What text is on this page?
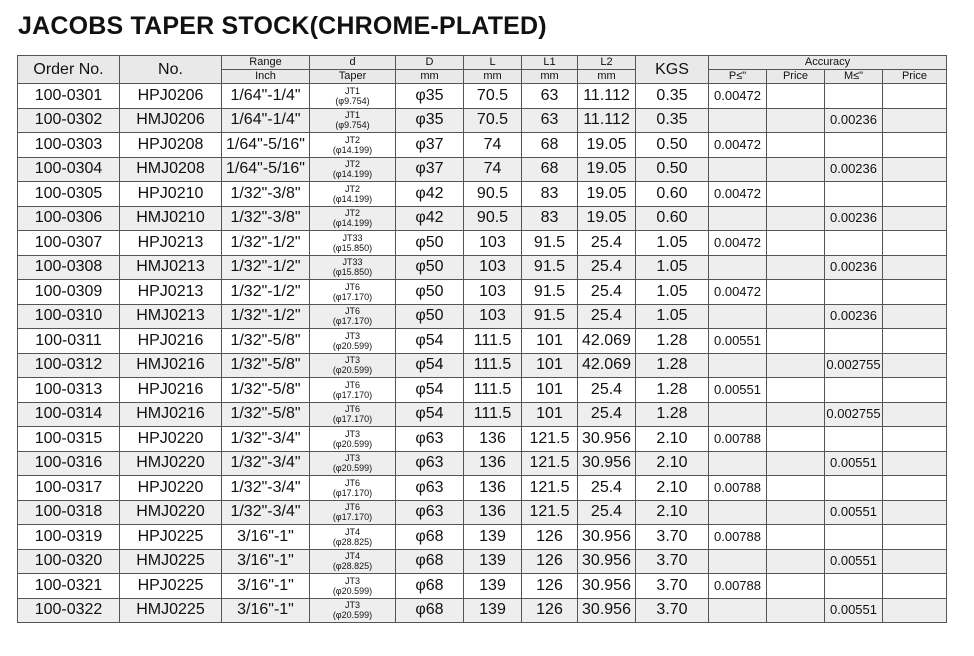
JACOBS TAPER STOCK(CHROME-PLATED)
Order No.	No.	Range	d	D	L	L1	L2	KGS	Accuracy			
		Inch	Taper	mm	mm	mm	mm		P≤"	Price	M≤"	Price
100-0301	HPJ0206	1/64"-1/4"	JT1
(φ9.754)	φ35	70.5	63	11.112	0.35	0.00472			
100-0302	HMJ0206	1/64"-1/4"	JT1
(φ9.754)	φ35	70.5	63	11.112	0.35			0.00236	
100-0303	HPJ0208	1/64"-5/16"	JT2
(φ14.199)	φ37	74	68	19.05	0.50	0.00472			
100-0304	HMJ0208	1/64"-5/16"	JT2
(φ14.199)	φ37	74	68	19.05	0.50			0.00236	
100-0305	HPJ0210	1/32"-3/8"	JT2
(φ14.199)	φ42	90.5	83	19.05	0.60	0.00472			
100-0306	HMJ0210	1/32"-3/8"	JT2
(φ14.199)	φ42	90.5	83	19.05	0.60			0.00236	
100-0307	HPJ0213	1/32"-1/2"	JT33
(φ15.850)	φ50	103	91.5	25.4	1.05	0.00472			
100-0308	HMJ0213	1/32"-1/2"	JT33
(φ15.850)	φ50	103	91.5	25.4	1.05			0.00236	
100-0309	HPJ0213	1/32"-1/2"	JT6
(φ17.170)	φ50	103	91.5	25.4	1.05	0.00472			
100-0310	HMJ0213	1/32"-1/2"	JT6
(φ17.170)	φ50	103	91.5	25.4	1.05			0.00236	
100-0311	HPJ0216	1/32"-5/8"	JT3
(φ20.599)	φ54	111.5	101	42.069	1.28	0.00551			
100-0312	HMJ0216	1/32"-5/8"	JT3
(φ20.599)	φ54	111.5	101	42.069	1.28			0.002755	
100-0313	HPJ0216	1/32"-5/8"	JT6
(φ17.170)	φ54	111.5	101	25.4	1.28	0.00551			
100-0314	HMJ0216	1/32"-5/8"	JT6
(φ17.170)	φ54	111.5	101	25.4	1.28			0.002755	
100-0315	HPJ0220	1/32"-3/4"	JT3
(φ20.599)	φ63	136	121.5	30.956	2.10	0.00788			
100-0316	HMJ0220	1/32"-3/4"	JT3
(φ20.599)	φ63	136	121.5	30.956	2.10			0.00551	
100-0317	HPJ0220	1/32"-3/4"	JT6
(φ17.170)	φ63	136	121.5	25.4	2.10	0.00788			
100-0318	HMJ0220	1/32"-3/4"	JT6
(φ17.170)	φ63	136	121.5	25.4	2.10			0.00551	
100-0319	HPJ0225	3/16"-1"	JT4
(φ28.825)	φ68	139	126	30.956	3.70	0.00788			
100-0320	HMJ0225	3/16"-1"	JT4
(φ28.825)	φ68	139	126	30.956	3.70			0.00551	
100-0321	HPJ0225	3/16"-1"	JT3
(φ20.599)	φ68	139	126	30.956	3.70	0.00788			
100-0322	HMJ0225	3/16"-1"	JT3
(φ20.599)	φ68	139	126	30.956	3.70			0.00551	
